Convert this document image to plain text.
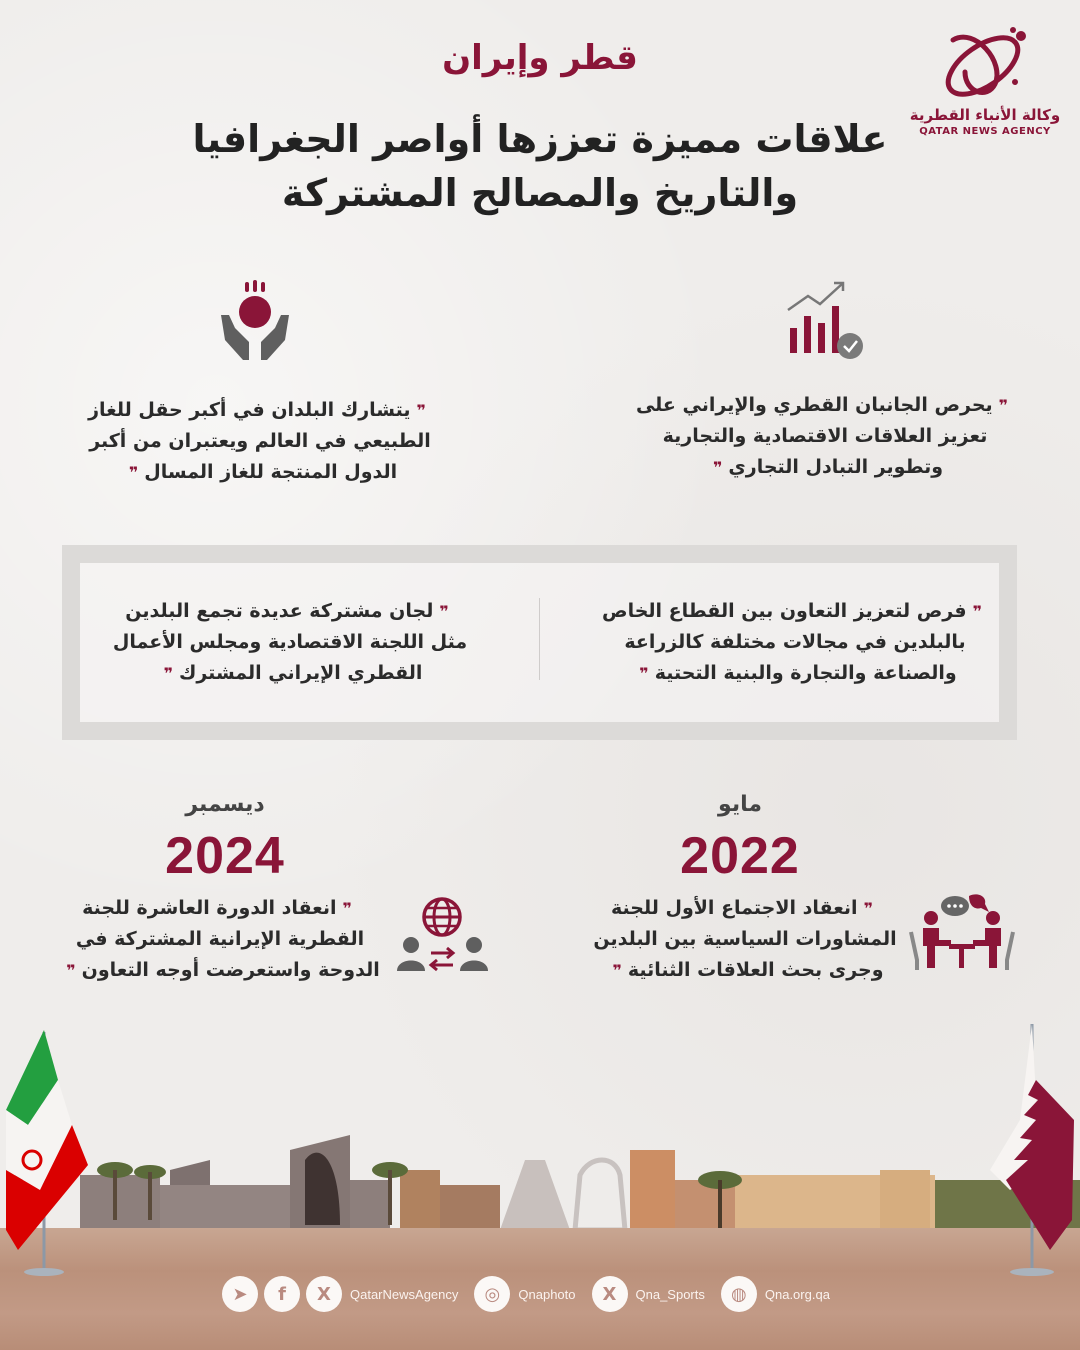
وكالة الأنباء القطرية
QATAR NEWS AGENCY
قطر وإيران
علاقات مميزة تعززها أواصر الجغرافيا
والتاريخ والمصالح المشتركة
❞يحرص الجانبان القطري والإيراني على
تعزيز العلاقات الاقتصادية والتجارية
وتطوير التبادل التجاري❞
❞يتشارك البلدان في أكبر حقل للغاز
الطبيعي في العالم ويعتبران من أكبر
الدول المنتجة للغاز المسال❞
❞فرص لتعزيز التعاون بين القطاع الخاص
بالبلدين في مجالات مختلفة كالزراعة
والصناعة والتجارة والبنية التحتية❞
❞لجان مشتركة عديدة تجمع البلدين
مثل اللجنة الاقتصادية ومجلس الأعمال
القطري الإيراني المشترك❞
مايو
2022
❞انعقاد الاجتماع الأول للجنة
المشاورات السياسية بين البلدين
وجرى بحث العلاقات الثنائية❞
ديسمبر
2024
❞انعقاد الدورة العاشرة للجنة
القطرية الإيرانية المشتركة في
الدوحة واستعرضت أوجه التعاون❞
➤	f	X	QatarNewsAgency	◎	Qnaphoto	X	Qna_Sports	◍	Qna.org.qa
